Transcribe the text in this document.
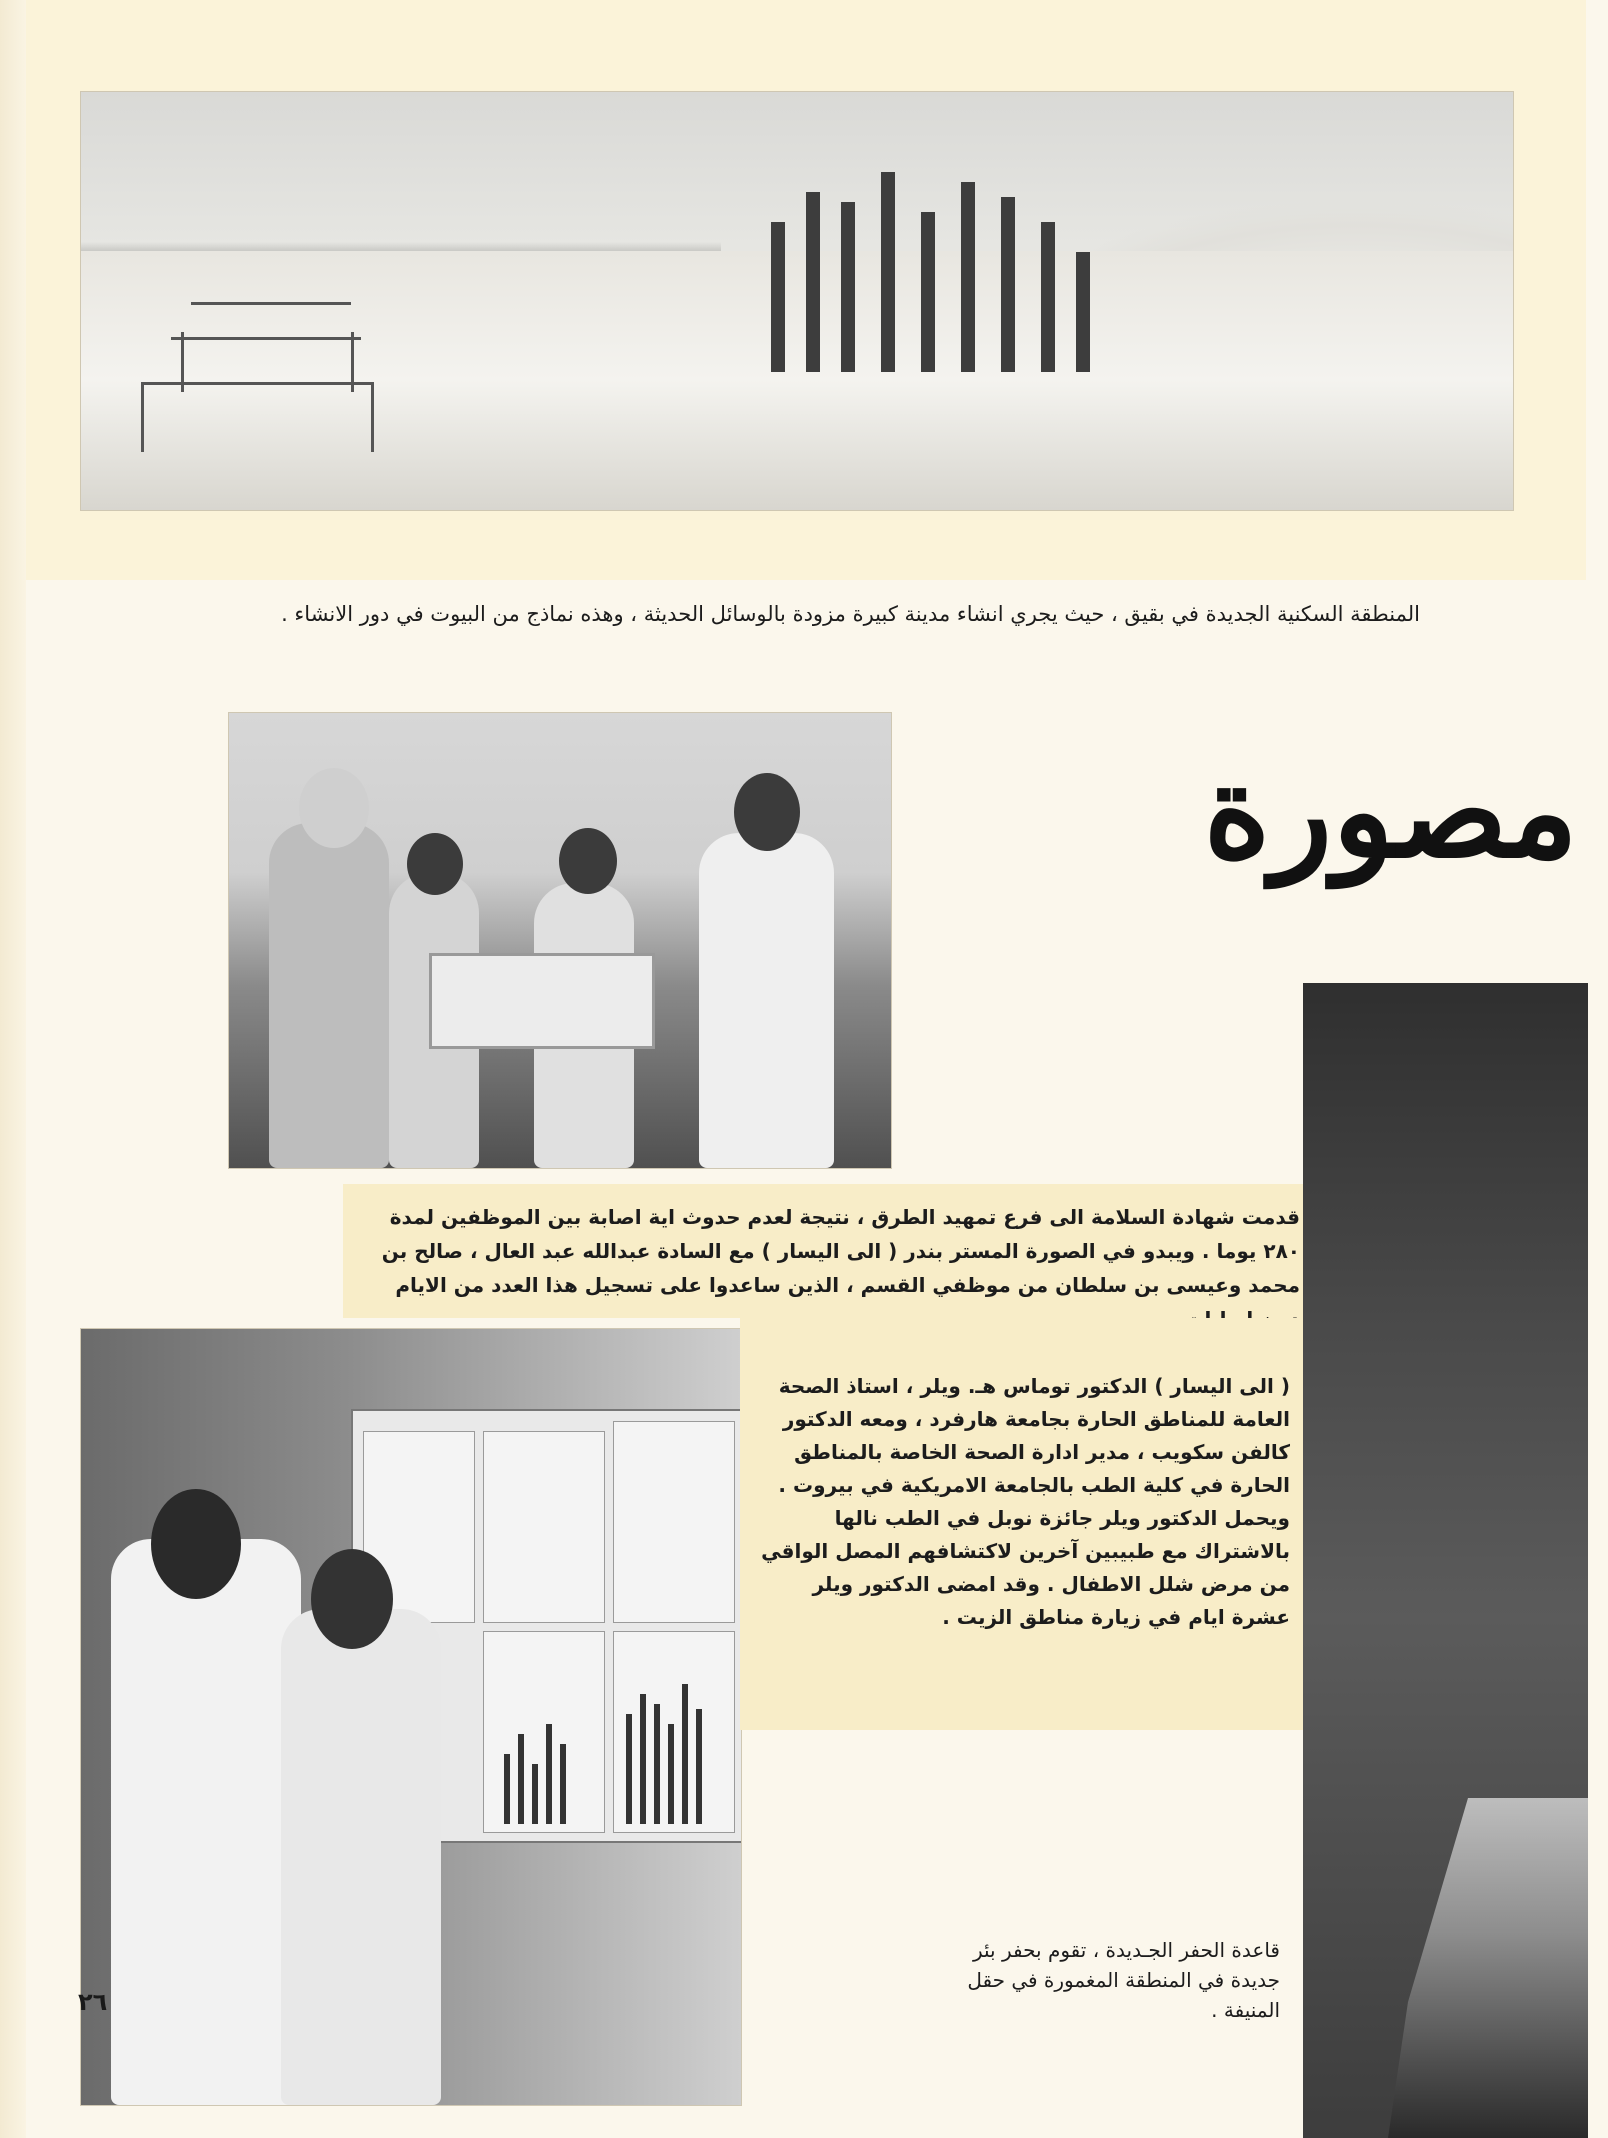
المنطقة السكنية الجديدة في بقيق ، حيث يجري انشاء مدينة كبيرة مزودة بالوسائل الحديثة ، وهذه نماذج من البيوت في دور الانشاء .
مصورة
قدمت شهادة السلامة الى فرع تمهيد الطرق ، نتيجة لعدم حدوث اية اصابة بين الموظفين لمدة ٢٨٠ يوما . ويبدو في الصورة المستر بندر ( الى اليسار ) مع السادة عبدالله عبد العال ، صالح بن محمد وعيسى بن سلطان من موظفي القسم ، الذين ساعدوا على تسجيل هذا العدد من الايام
( الى اليسار ) الدكتور توماس هـ. ويلر ، استاذ الصحة العامة للمناطق الحارة بجامعة هارفرد ، ومعه الدكتور كالفن سكويب ، مدير ادارة الصحة الخاصة بالمناطق الحارة في كلية الطب بالجامعة الامريكية في بيروت . ويحمل الدكتور ويلر جائزة نوبل في الطب نالها بالاشتراك مع طبيبين آخرين لاكتشافهم المصل الواقي من مرض شلل الاطفال . وقد امضى الدكتور ويلر عشرة ايام في زيارة مناطق الزيت .
قاعدة الحفر الجـديدة ، تقوم بحفر بئر جديدة في المنطقة المغمورة في حقل المنيفة .
٢٦
